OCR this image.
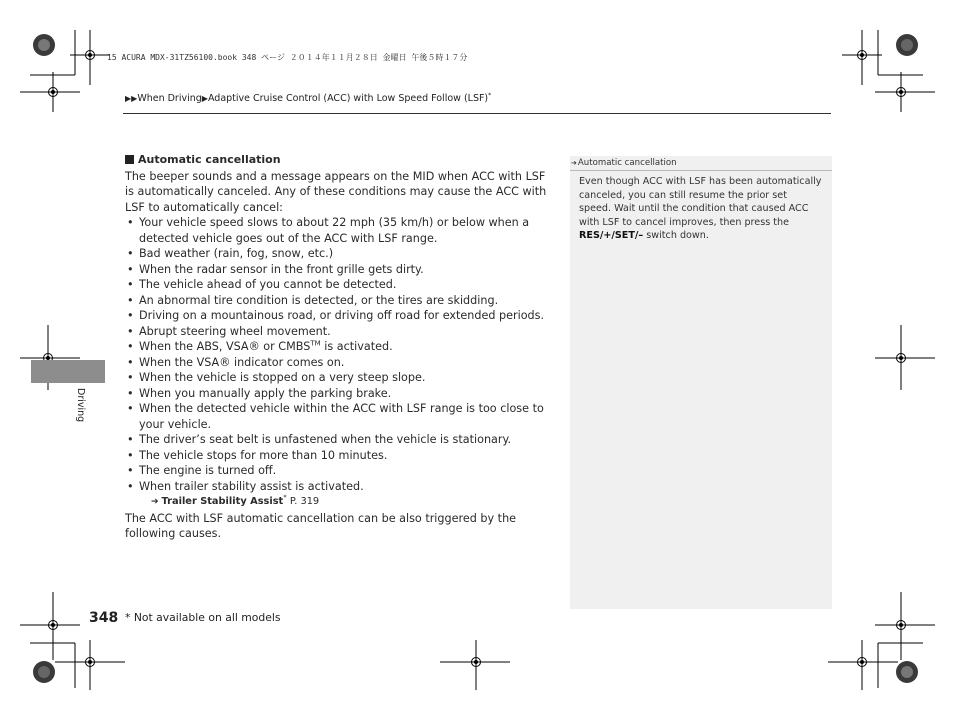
15 ACURA MDX-31TZ56100.book 348 ページ ２０１４年１１月２８日 金曜日 午後５時１７分
▶▶When Driving▶Adaptive Cruise Control (ACC) with Low Speed Follow (LSF)*
Automatic cancellation
The beeper sounds and a message appears on the MID when ACC with LSF is automatically canceled. Any of these conditions may cause the ACC with LSF to automatically cancel:
• Your vehicle speed slows to about 22 mph (35 km/h) or below when a detected vehicle goes out of the ACC with LSF range.
• Bad weather (rain, fog, snow, etc.)
• When the radar sensor in the front grille gets dirty.
• The vehicle ahead of you cannot be detected.
• An abnormal tire condition is detected, or the tires are skidding.
• Driving on a mountainous road, or driving off road for extended periods.
• Abrupt steering wheel movement.
• When the ABS, VSA® or CMBS™ is activated.
• When the VSA® indicator comes on.
• When the vehicle is stopped on a very steep slope.
• When you manually apply the parking brake.
• When the detected vehicle within the ACC with LSF range is too close to your vehicle.
• The driver’s seat belt is unfastened when the vehicle is stationary.
• The vehicle stops for more than 10 minutes.
• The engine is turned off.
• When trailer stability assist is activated.
➔ Trailer Stability Assist* P. 319
The ACC with LSF automatic cancellation can be also triggered by the following causes.
➔Automatic cancellation
Even though ACC with LSF has been automatically canceled, you can still resume the prior set speed. Wait until the condition that caused ACC with LSF to cancel improves, then press the RES/+/SET/– switch down.
Driving
348 * Not available on all models
